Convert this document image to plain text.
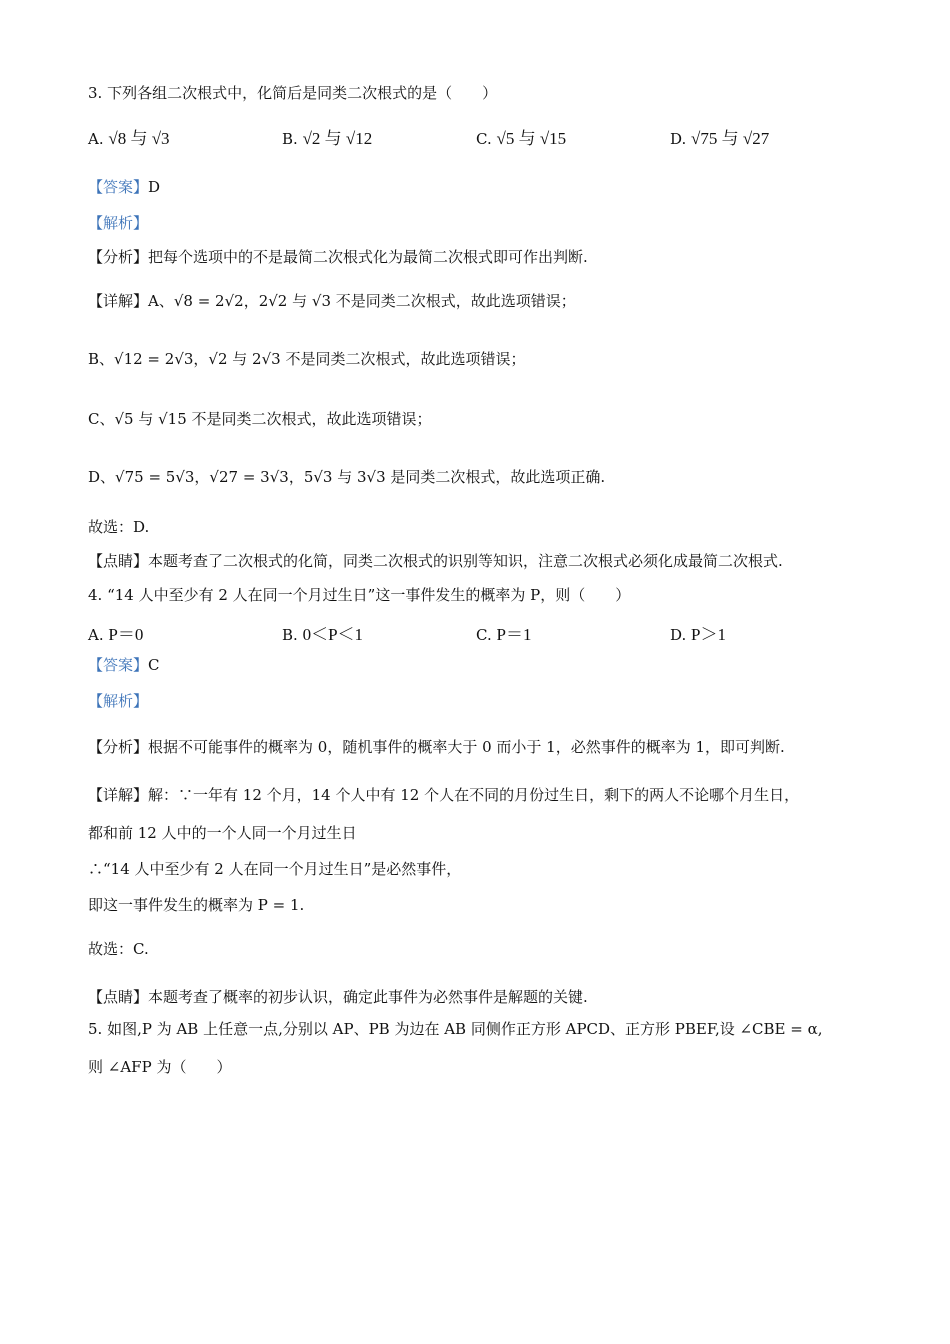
3. 下列各组二次根式中，化简后是同类二次根式的是（　　）
A. √8 与 √3	B. √2 与 √12	C. √5 与 √15	D. √75 与 √27
【答案】D
【解析】
【分析】把每个选项中的不是最简二次根式化为最简二次根式即可作出判断.
【详解】A、√8 = 2√2，2√2 与 √3 不是同类二次根式，故此选项错误；
B、√12 = 2√3，√2 与 2√3 不是同类二次根式，故此选项错误；
C、√5 与 √15 不是同类二次根式，故此选项错误；
D、√75 = 5√3，√27 = 3√3，5√3 与 3√3 是同类二次根式，故此选项正确.
故选：D.
【点睛】本题考查了二次根式的化简，同类二次根式的识别等知识，注意二次根式必须化成最简二次根式.
4. “14 人中至少有 2 人在同一个月过生日”这一事件发生的概率为 P，则（　　）
A. P＝0	B. 0＜P＜1	C. P＝1	D. P＞1
【答案】C
【解析】
【分析】根据不可能事件的概率为 0，随机事件的概率大于 0 而小于 1，必然事件的概率为 1，即可判断.
【详解】解：∵一年有 12 个月，14 个人中有 12 个人在不同的月份过生日，剩下的两人不论哪个月生日，
都和前 12 人中的一个人同一个月过生日
∴“14 人中至少有 2 人在同一个月过生日”是必然事件，
即这一事件发生的概率为 P = 1.
故选：C.
【点睛】本题考查了概率的初步认识，确定此事件为必然事件是解题的关键.
5. 如图,P 为 AB 上任意一点,分别以 AP、PB 为边在 AB 同侧作正方形 APCD、正方形 PBEF,设 ∠CBE = α,
则 ∠AFP 为（　　）
